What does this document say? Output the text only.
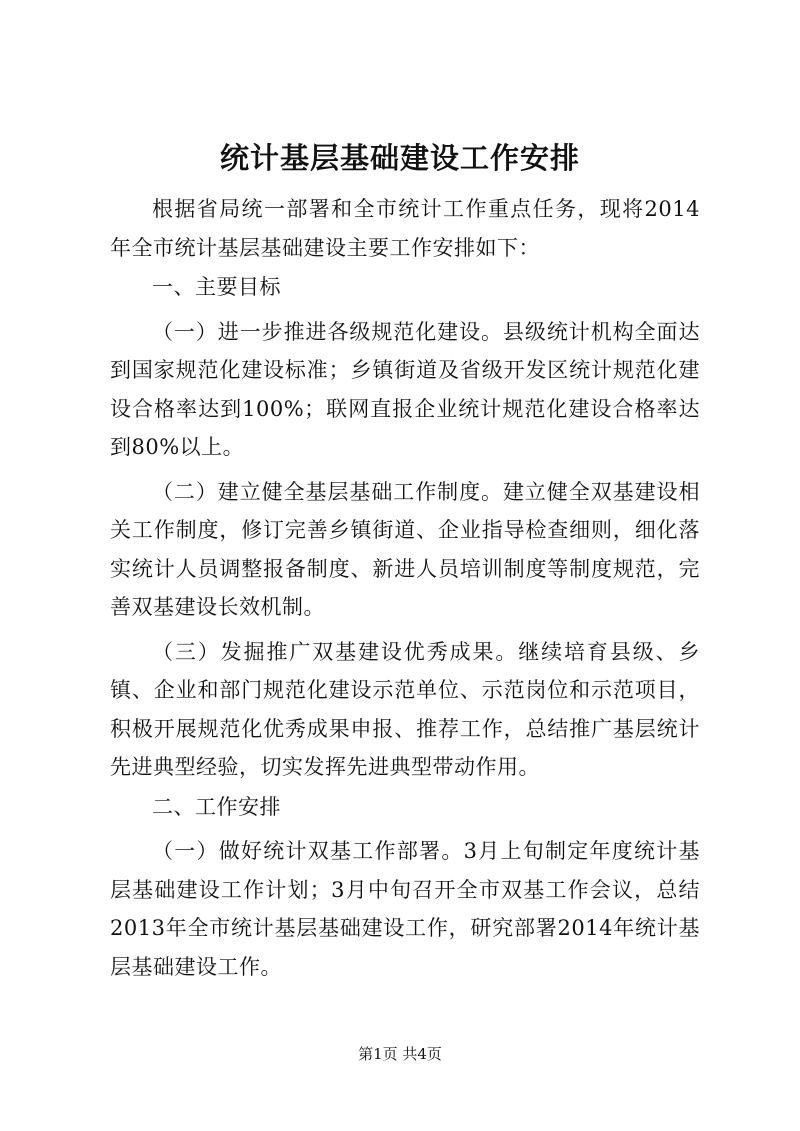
统计基层基础建设工作安排

根据省局统一部署和全市统计工作重点任务，现将2014年全市统计基层基础建设主要工作安排如下：

一、主要目标

（一）进一步推进各级规范化建设。县级统计机构全面达到国家规范化建设标准；乡镇街道及省级开发区统计规范化建设合格率达到100%；联网直报企业统计规范化建设合格率达到80%以上。

（二）建立健全基层基础工作制度。建立健全双基建设相关工作制度，修订完善乡镇街道、企业指导检查细则，细化落实统计人员调整报备制度、新进人员培训制度等制度规范，完善双基建设长效机制。

（三）发掘推广双基建设优秀成果。继续培育县级、乡镇、企业和部门规范化建设示范单位、示范岗位和示范项目，积极开展规范化优秀成果申报、推荐工作，总结推广基层统计先进典型经验，切实发挥先进典型带动作用。

二、工作安排

（一）做好统计双基工作部署。3月上旬制定年度统计基层基础建设工作计划；3月中旬召开全市双基工作会议，总结2013年全市统计基层基础建设工作，研究部署2014年统计基层基础建设工作。

第1页 共4页
